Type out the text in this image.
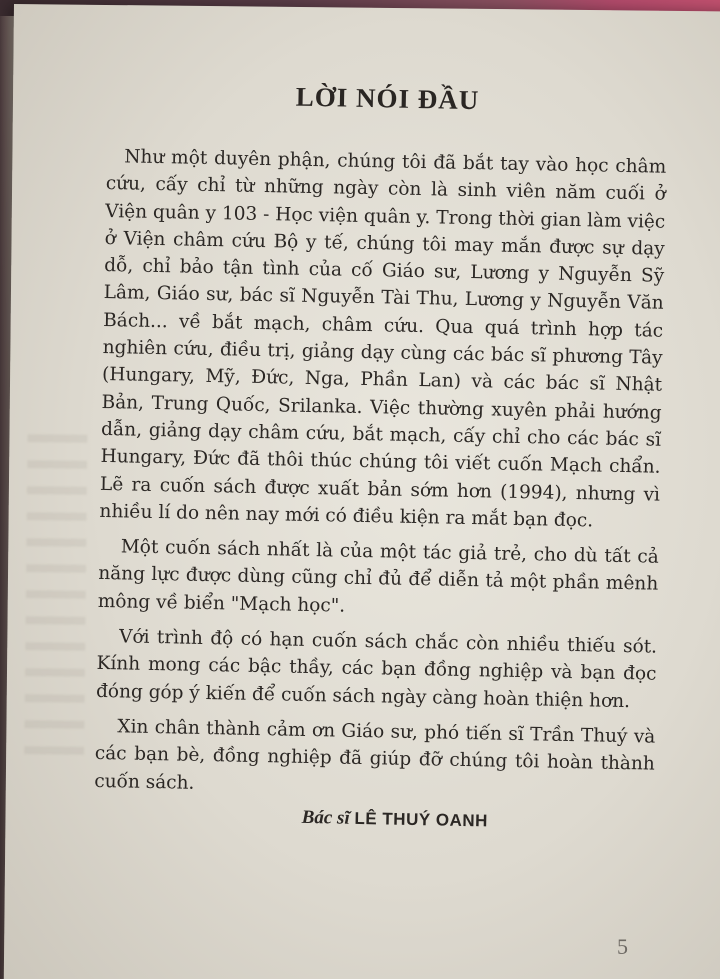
LỜI NÓI ĐẦU

Như một duyên phận, chúng tôi đã bắt tay vào học châm cứu, cấy chỉ từ những ngày còn là sinh viên năm cuối ở Viện quân y 103 - Học viện quân y. Trong thời gian làm việc ở Viện châm cứu Bộ y tế, chúng tôi may mắn được sự dạy dỗ, chỉ bảo tận tình của cố Giáo sư, Lương y Nguyễn Sỹ Lâm, Giáo sư, bác sĩ Nguyễn Tài Thu, Lương y Nguyễn Văn Bách... về bắt mạch, châm cứu. Qua quá trình hợp tác nghiên cứu, điều trị, giảng dạy cùng các bác sĩ phương Tây (Hungary, Mỹ, Đức, Nga, Phần Lan) và các bác sĩ Nhật Bản, Trung Quốc, Srilanka. Việc thường xuyên phải hướng dẫn, giảng dạy châm cứu, bắt mạch, cấy chỉ cho các bác sĩ Hungary, Đức đã thôi thúc chúng tôi viết cuốn Mạch chẩn. Lẽ ra cuốn sách được xuất bản sớm hơn (1994), nhưng vì nhiều lí do nên nay mới có điều kiện ra mắt bạn đọc.

Một cuốn sách nhất là của một tác giả trẻ, cho dù tất cả năng lực được dùng cũng chỉ đủ để diễn tả một phần mênh mông về biển "Mạch học".

Với trình độ có hạn cuốn sách chắc còn nhiều thiếu sót. Kính mong các bậc thầy, các bạn đồng nghiệp và bạn đọc đóng góp ý kiến để cuốn sách ngày càng hoàn thiện hơn.

Xin chân thành cảm ơn Giáo sư, phó tiến sĩ Trần Thuý và các bạn bè, đồng nghiệp đã giúp đỡ chúng tôi hoàn thành cuốn sách.

Bác sĩ LÊ THUÝ OANH
5
